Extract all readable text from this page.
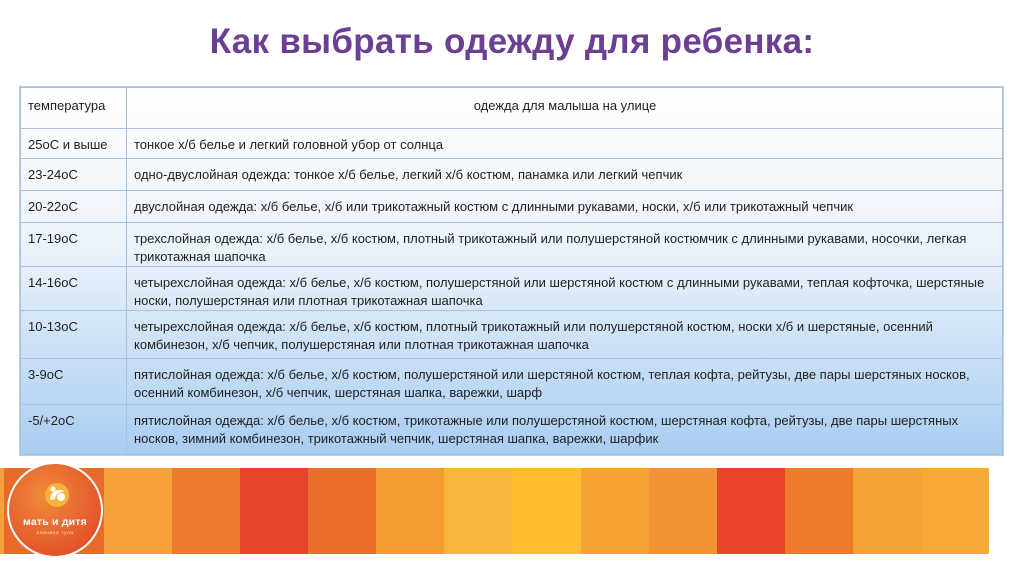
Как выбрать одежду для ребенка:
температура	одежда для малыша на улице
25оС и выше	тонкое х/б белье и легкий головной убор от солнца
23-24оС	одно-двуслойная одежда: тонкое х/б белье, легкий х/б костюм, панамка или легкий чепчик
20-22оС	двуслойная одежда: х/б белье, х/б или трикотажный костюм с длинными рукавами, носки, х/б или трикотажный чепчик
17-19оС	трехслойная одежда: х/б белье, х/б костюм, плотный трикотажный или полушерстяной костюмчик с длинными рукавами, носочки, легкая трикотажная шапочка
14-16оС	четырехслойная одежда: х/б белье, х/б костюм, полушерстяной или шерстяной костюм с длинными рукавами, теплая кофточка, шерстяные носки, полушерстяная или плотная трикотажная шапочка
10-13оС	четырехслойная одежда: х/б белье, х/б костюм, плотный трикотажный или полушерстяной костюм, носки х/б и шерстяные, осенний комбинезон, х/б чепчик, полушерстяная или плотная трикотажная шапочка
3-9оС	пятислойная одежда: х/б белье, х/б костюм, полушерстяной или шерстяной костюм, теплая кофта, рейтузы, две пары шерстяных носков, осенний комбинезон, х/б чепчик, шерстяная шапка, варежки, шарф
-5/+2оС	пятислойная одежда: х/б белье, х/б костюм, трикотажные или полушерстяной костюм, шерстяная кофта, рейтузы, две пары шерстяных носков, зимний комбинезон, трикотажный чепчик, шерстяная шапка, варежки, шарфик
мать и дитя
клиника тула
